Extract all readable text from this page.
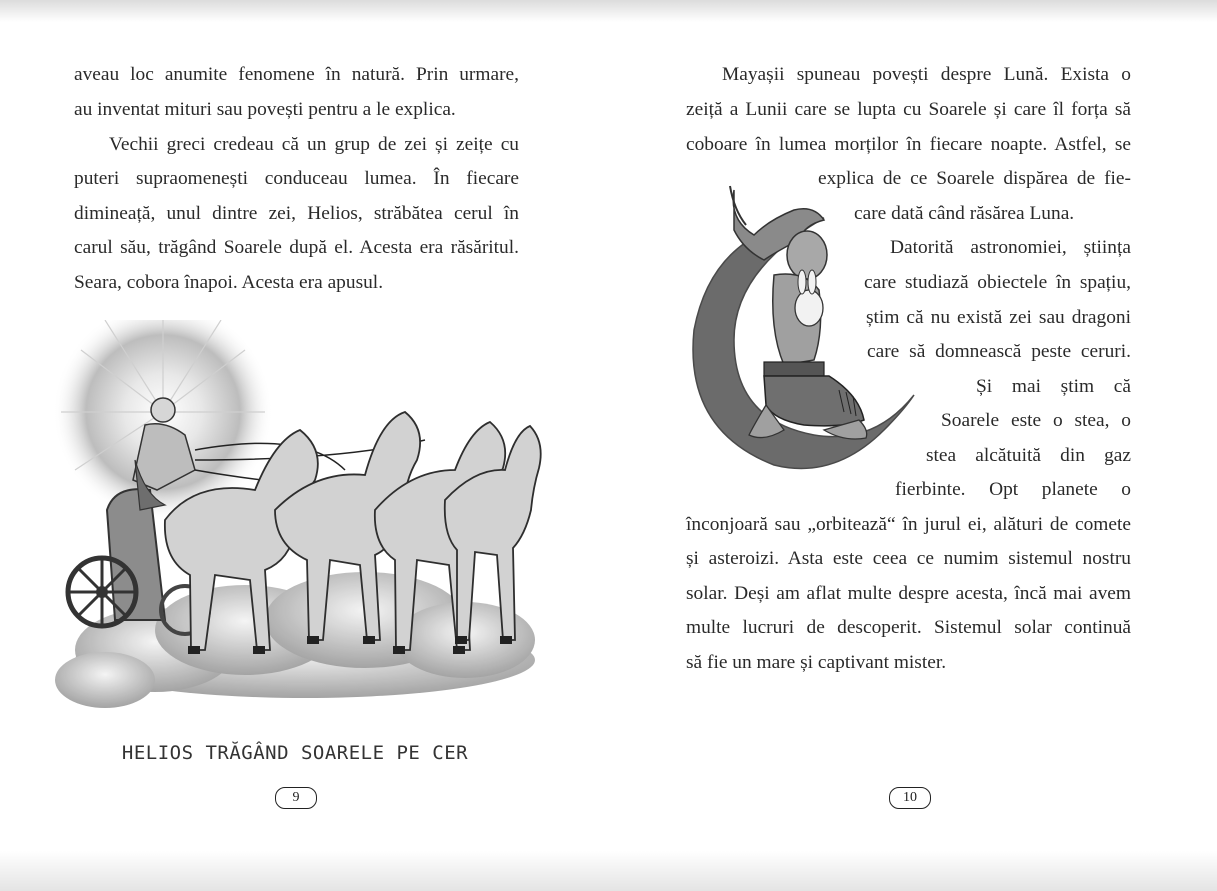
aveau loc anumite fenomene în natură. Prin urmare,

au inventat mituri sau povești pentru a le explica.

Vechii greci credeau că un grup de zei și zeițe cu

puteri supraomenești conduceau lumea. În fiecare

dimineață, unul dintre zei, Helios, străbătea cerul în

carul său, trăgând Soarele după el. Acesta era răsăritul.

Seara, cobora înapoi. Acesta era apusul.

HELIOS TRĂGÂND SOARELE PE CER
9

Mayașii spuneau povești despre Lună. Exista o

zeiță a Lunii care se lupta cu Soarele și care îl forța să

coboare în lumea morților în fiecare noapte. Astfel, se

explica de ce Soarele dispărea de fie-

care dată când răsărea Luna.

Datorită astronomiei, știința

care studiază obiectele în spațiu,

știm că nu există zei sau dragoni

care să domnească peste ceruri.

Și mai știm că

Soarele este o stea, o

stea alcătuită din gaz

fierbinte. Opt planete o

înconjoară sau „orbitează“ în jurul ei, alături de comete

și asteroizi. Asta este ceea ce numim sistemul nostru

solar. Deși am aflat multe despre acesta, încă mai avem

multe lucruri de descoperit. Sistemul solar continuă

să fie un mare și captivant mister.

10
